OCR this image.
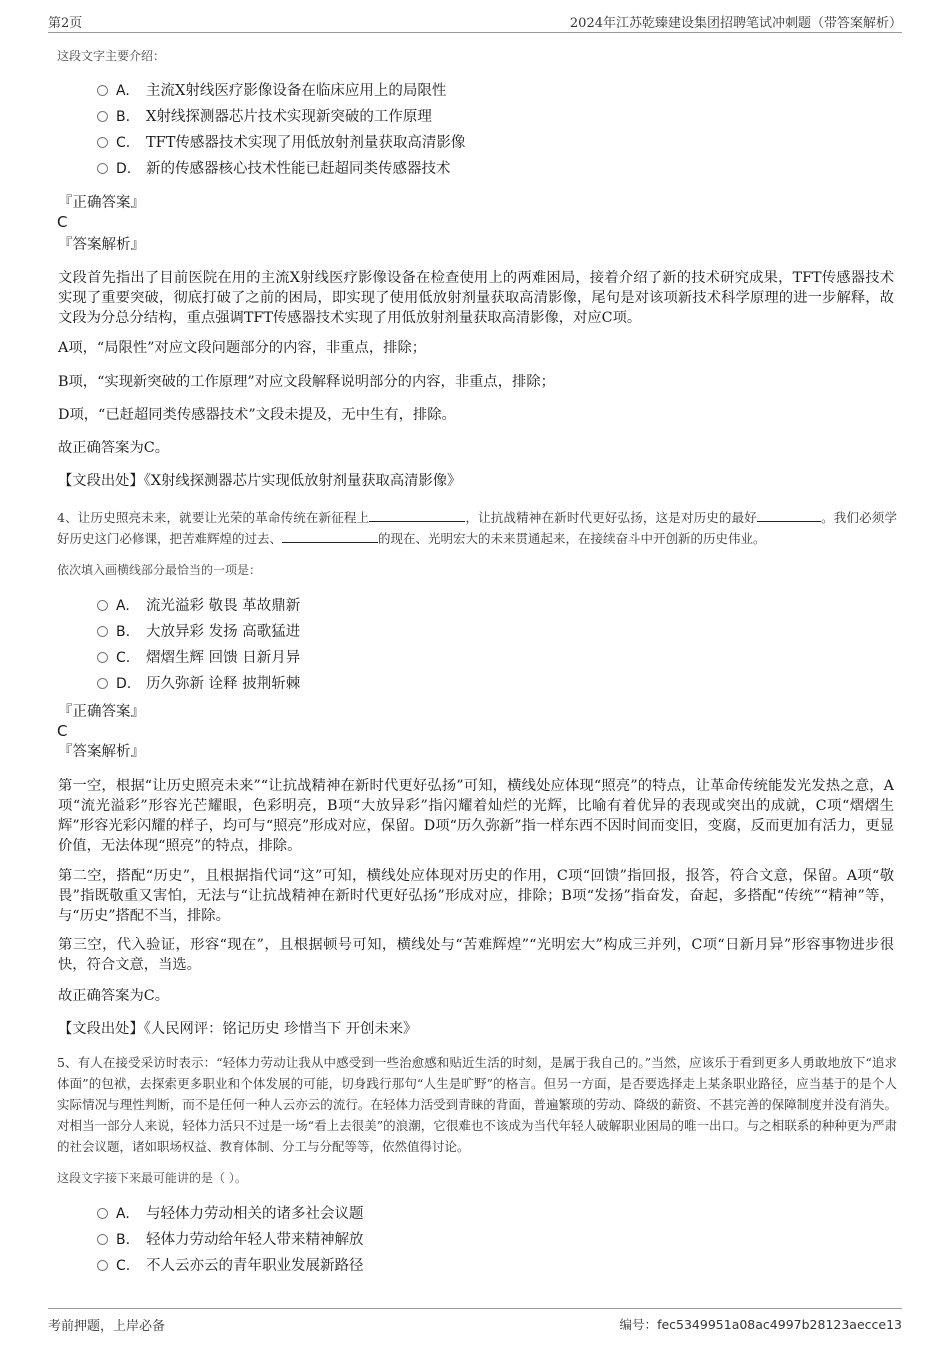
第2页	2024年江苏乾臻建设集团招聘笔试冲刺题（带答案解析）
这段文字主要介绍：
A. 主流X射线医疗影像设备在临床应用上的局限性
B. X射线探测器芯片技术实现新突破的工作原理
C. TFT传感器技术实现了用低放射剂量获取高清影像
D. 新的传感器核心技术性能已赶超同类传感器技术
『正确答案』
C
『答案解析』
文段首先指出了目前医院在用的主流X射线医疗影像设备在检查使用上的两难困局，接着介绍了新的技术研究成果，TFT传感器技术实现了重要突破，彻底打破了之前的困局，即实现了使用低放射剂量获取高清影像，尾句是对该项新技术科学原理的进一步解释，故文段为分总分结构，重点强调TFT传感器技术实现了用低放射剂量获取高清影像，对应C项。
A项，“局限性”对应文段问题部分的内容，非重点，排除；
B项，“实现新突破的工作原理”对应文段解释说明部分的内容，非重点，排除；
D项，“已赶超同类传感器技术”文段未提及，无中生有，排除。
故正确答案为C。
【文段出处】《X射线探测器芯片实现低放射剂量获取高清影像》
4、让历史照亮未来，就要让光荣的革命传统在新征程上	，让抗战精神在新时代更好弘扬，这是对历史的最好	。我们必须学好历史这门必修课，把苦难辉煌的过去、	的现在、光明宏大的未来贯通起来，在接续奋斗中开创新的历史伟业。
依次填入画横线部分最恰当的一项是：
A. 流光溢彩 敬畏 革故鼎新
B. 大放异彩 发扬 高歌猛进
C. 熠熠生辉 回馈 日新月异
D. 历久弥新 诠释 披荆斩棘
『正确答案』
C
『答案解析』
第一空，根据“让历史照亮未来”“让抗战精神在新时代更好弘扬”可知，横线处应体现“照亮”的特点，让革命传统能发光发热之意，A项“流光溢彩”形容光芒耀眼，色彩明亮，B项“大放异彩”指闪耀着灿烂的光辉，比喻有着优异的表现或突出的成就，C项“熠熠生辉”形容光彩闪耀的样子，均可与“照亮”形成对应，保留。D项“历久弥新”指一样东西不因时间而变旧，变腐，反而更加有活力，更显价值，无法体现“照亮”的特点，排除。
第二空，搭配“历史”，且根据指代词“这”可知，横线处应体现对历史的作用，C项“回馈”指回报，报答，符合文意，保留。A项“敬畏”指既敬重又害怕，无法与“让抗战精神在新时代更好弘扬”形成对应，排除；B项“发扬”指奋发，奋起，多搭配“传统”“精神”等，与“历史”搭配不当，排除。
第三空，代入验证，形容“现在”，且根据顿号可知，横线处与“苦难辉煌”“光明宏大”构成三并列，C项“日新月异”形容事物进步很快，符合文意，当选。
故正确答案为C。
【文段出处】《人民网评：铭记历史 珍惜当下 开创未来》
5、有人在接受采访时表示：“轻体力劳动让我从中感受到一些治愈感和贴近生活的时刻，是属于我自己的。”当然，应该乐于看到更多人勇敢地放下“追求体面”的包袱，去探索更多职业和个体发展的可能，切身践行那句“人生是旷野”的格言。但另一方面，是否要选择走上某条职业路径，应当基于的是个人实际情况与理性判断，而不是任何一种人云亦云的流行。在轻体力活受到青睐的背面，普遍繁琐的劳动、降级的薪资、不甚完善的保障制度并没有消失。对相当一部分人来说，轻体力活只不过是一场“看上去很美”的浪潮，它很难也不该成为当代年轻人破解职业困局的唯一出口。与之相联系的种种更为严肃的社会议题，诸如职场权益、教育体制、分工与分配等等，依然值得讨论。
这段文字接下来最可能讲的是（ ）。
A. 与轻体力劳动相关的诸多社会议题
B. 轻体力劳动给年轻人带来精神解放
C. 不人云亦云的青年职业发展新路径
考前押题，上岸必备	编号：fec5349951a08ac4997b28123aecce13
